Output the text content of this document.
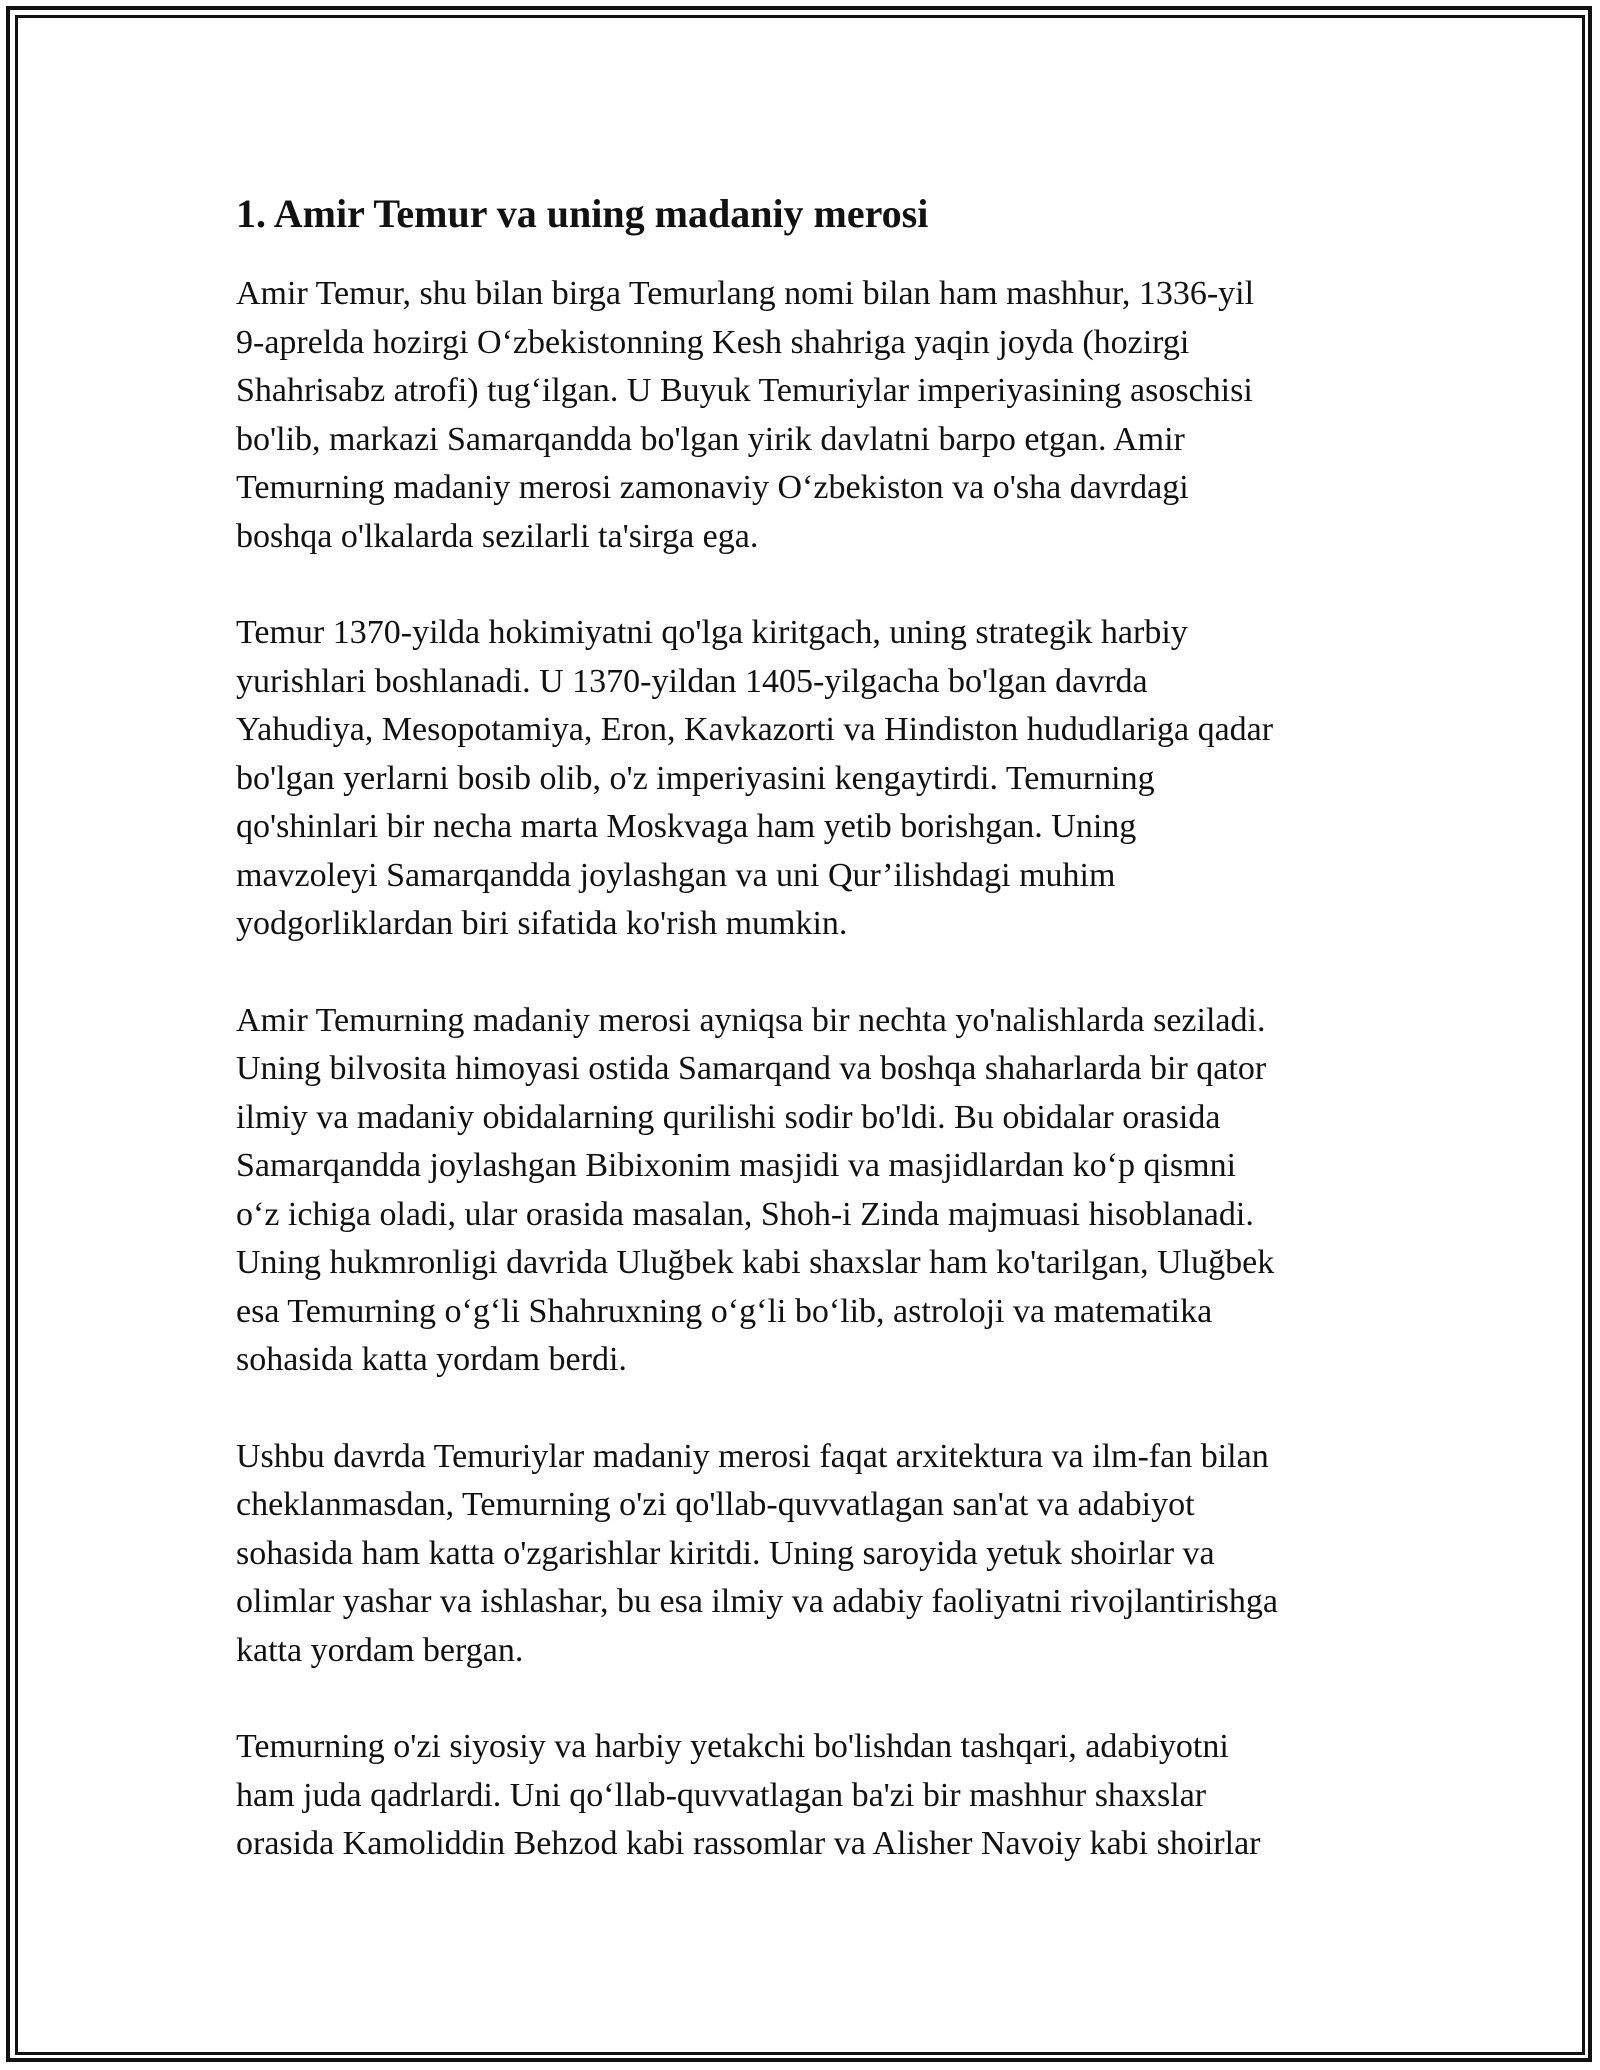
1. Amir Temur va uning madaniy merosi

Amir Temur, shu bilan birga Temurlang nomi bilan ham mashhur, 1336-yil
9-aprelda hozirgi O‘zbekistonning Kesh shahriga yaqin joyda (hozirgi
Shahrisabz atrofi) tug‘ilgan. U Buyuk Temuriylar imperiyasining asoschisi
bo'lib, markazi Samarqandda bo'lgan yirik davlatni barpo etgan. Amir
Temurning madaniy merosi zamonaviy O‘zbekiston va o'sha davrdagi
boshqa o'lkalarda sezilarli ta'sirga ega.

Temur 1370-yilda hokimiyatni qo'lga kiritgach, uning strategik harbiy
yurishlari boshlanadi. U 1370-yildan 1405-yilgacha bo'lgan davrda
Yahudiya, Mesopotamiya, Eron, Kavkazorti va Hindiston hududlariga qadar
bo'lgan yerlarni bosib olib, o'z imperiyasini kengaytirdi. Temurning
qo'shinlari bir necha marta Moskvaga ham yetib borishgan. Uning
mavzoleyi Samarqandda joylashgan va uni Qur’ilishdagi muhim
yodgorliklardan biri sifatida ko'rish mumkin.

Amir Temurning madaniy merosi ayniqsa bir nechta yo'nalishlarda seziladi.
Uning bilvosita himoyasi ostida Samarqand va boshqa shaharlarda bir qator
ilmiy va madaniy obidalarning qurilishi sodir bo'ldi. Bu obidalar orasida
Samarqandda joylashgan Bibixonim masjidi va masjidlardan ko‘p qismni
o‘z ichiga oladi, ular orasida masalan, Shoh-i Zinda majmuasi hisoblanadi.
Uning hukmronligi davrida Uluğbek kabi shaxslar ham ko'tarilgan, Uluğbek
esa Temurning o‘g‘li Shahruxning o‘g‘li bo‘lib, astroloji va matematika
sohasida katta yordam berdi.

Ushbu davrda Temuriylar madaniy merosi faqat arxitektura va ilm-fan bilan
cheklanmasdan, Temurning o'zi qo'llab-quvvatlagan san'at va adabiyot
sohasida ham katta o'zgarishlar kiritdi. Uning saroyida yetuk shoirlar va
olimlar yashar va ishlashar, bu esa ilmiy va adabiy faoliyatni rivojlantirishga
katta yordam bergan.

Temurning o'zi siyosiy va harbiy yetakchi bo'lishdan tashqari, adabiyotni
ham juda qadrlardi. Uni qo‘llab-quvvatlagan ba'zi bir mashhur shaxslar
orasida Kamoliddin Behzod kabi rassomlar va Alisher Navoiy kabi shoirlar
